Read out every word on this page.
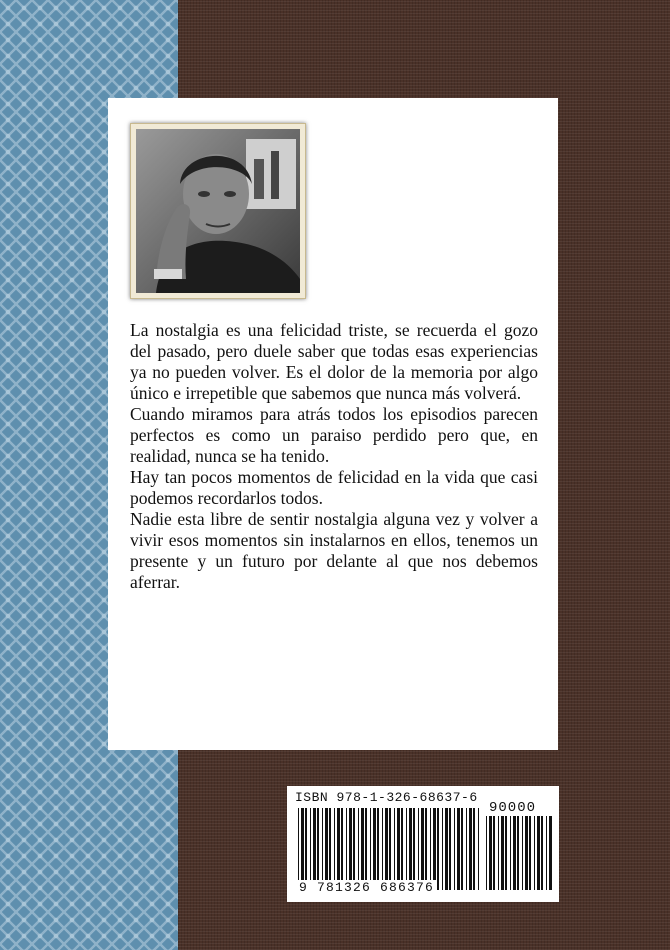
La nostalgia es una felicidad triste, se recuerda el gozo del pasado, pero duele saber que todas esas experiencias ya no pueden volver. Es el dolor de la memoria por algo único e irrepetible que sabemos que nunca más volverá.

Cuando miramos para atrás todos los episodios parecen perfectos es como un paraiso perdido pero que, en realidad, nunca se ha tenido.

Hay tan pocos momentos de felicidad en la vida que casi podemos recordarlos todos.

Nadie esta libre de sentir nostalgia alguna vez y volver a vivir esos momentos sin instalarnos en ellos, tenemos un presente y un futuro por delante al que nos debemos aferrar.

ISBN 978-1-326-68637-6
90000
9 781326 686376
